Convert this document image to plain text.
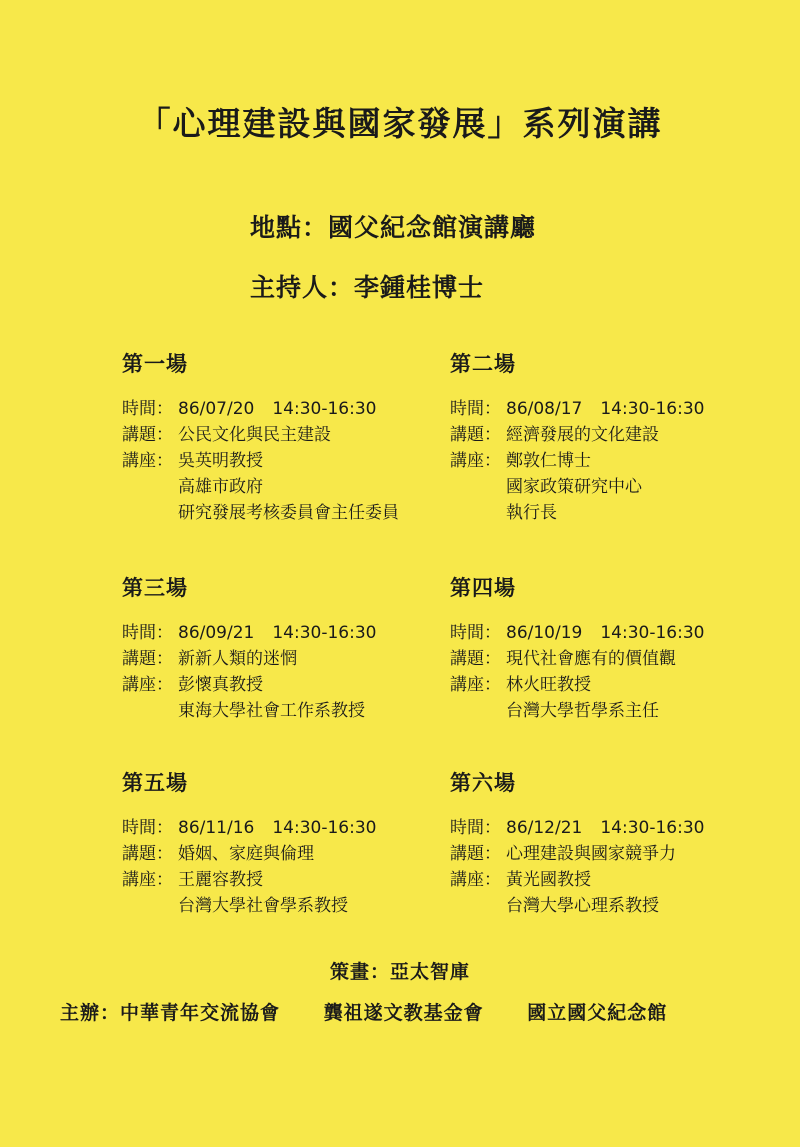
「心理建設與國家發展」系列演講
地點：國父紀念館演講廳
主持人：李鍾桂博士
第一場
時間： 86/07/20 14:30-16:30
講題： 公民文化與民主建設
講座： 吳英明教授
高雄市政府
研究發展考核委員會主任委員
第二場
時間： 86/08/17 14:30-16:30
講題： 經濟發展的文化建設
講座： 鄭敦仁博士
國家政策研究中心
執行長
第三場
時間： 86/09/21 14:30-16:30
講題： 新新人類的迷惘
講座： 彭懷真教授
東海大學社會工作系教授
第四場
時間： 86/10/19 14:30-16:30
講題： 現代社會應有的價值觀
講座： 林火旺教授
台灣大學哲學系主任
第五場
時間： 86/11/16 14:30-16:30
講題： 婚姻、家庭與倫理
講座： 王麗容教授
台灣大學社會學系教授
第六場
時間： 86/12/21 14:30-16:30
講題： 心理建設與國家競爭力
講座： 黃光國教授
台灣大學心理系教授
策畫：亞太智庫
主辦：中華青年交流協會 龔祖遂文教基金會 國立國父紀念館
